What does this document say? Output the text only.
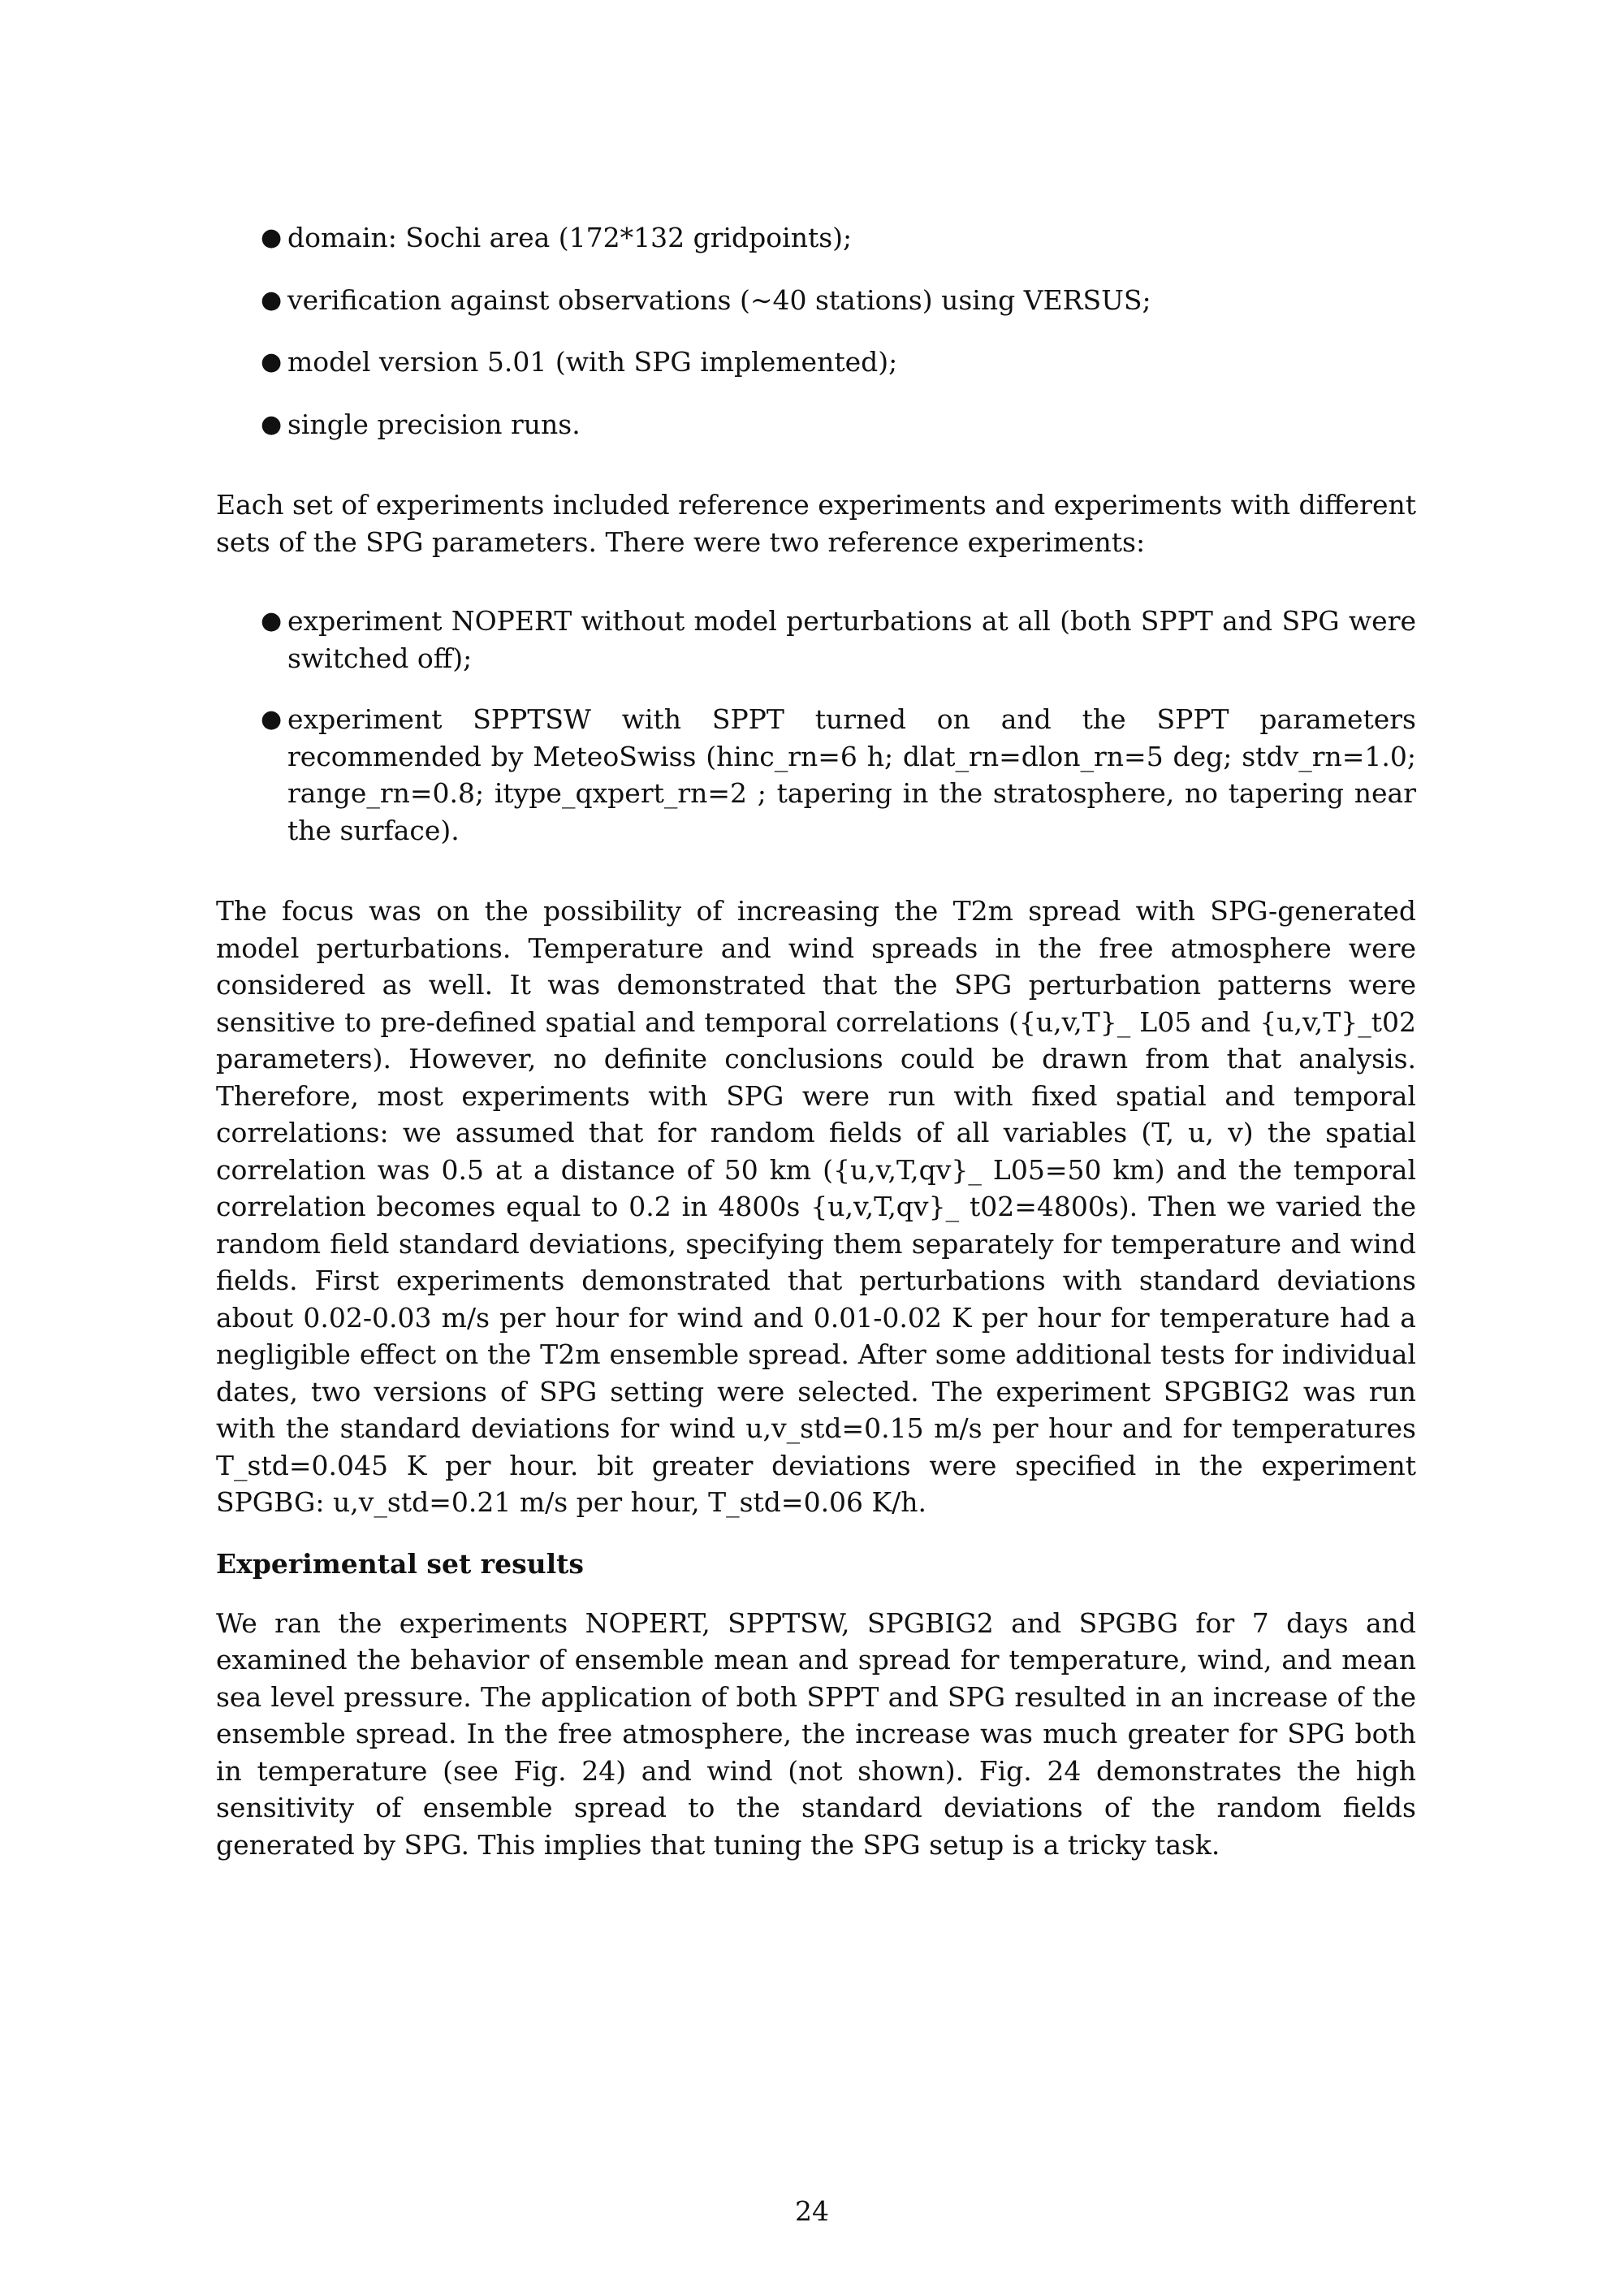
● domain: Sochi area (172*132 gridpoints);
● verification against observations (∼40 stations) using VERSUS;
● model version 5.01 (with SPG implemented);
● single precision runs.

Each set of experiments included reference experiments and experiments with different sets of the SPG parameters. There were two reference experiments:

● experiment NOPERT without model perturbations at all (both SPPT and SPG were switched off);
● experiment SPPTSW with SPPT turned on and the SPPT parameters recommended by MeteoSwiss (hinc_rn=6 h; dlat_rn=dlon_rn=5 deg; stdv_rn=1.0; range_rn=0.8; itype_qxpert_rn=2 ; tapering in the stratosphere, no tapering near the surface).

The focus was on the possibility of increasing the T2m spread with SPG-generated model perturbations. Temperature and wind spreads in the free atmosphere were considered as well. It was demonstrated that the SPG perturbation patterns were sensitive to pre-defined spatial and temporal correlations ({u,v,T}_ L05 and {u,v,T}_t02 parameters). However, no definite conclusions could be drawn from that analysis. Therefore, most experiments with SPG were run with fixed spatial and temporal correlations: we assumed that for random fields of all variables (T, u, v) the spatial correlation was 0.5 at a distance of 50 km ({u,v,T,qv}_ L05=50 km) and the temporal correlation becomes equal to 0.2 in 4800s {u,v,T,qv}_ t02=4800s). Then we varied the random field standard deviations, specifying them separately for temperature and wind fields. First experiments demonstrated that perturbations with standard deviations about 0.02-0.03 m/s per hour for wind and 0.01-0.02 K per hour for temperature had a negligible effect on the T2m ensemble spread. After some additional tests for individual dates, two versions of SPG setting were selected. The experiment SPGBIG2 was run with the standard deviations for wind u,v_std=0.15 m/s per hour and for temperatures T_std=0.045 K per hour. bit greater deviations were specified in the experiment SPGBG: u,v_std=0.21 m/s per hour, T_std=0.06 K/h.

Experimental set results

We ran the experiments NOPERT, SPPTSW, SPGBIG2 and SPGBG for 7 days and examined the behavior of ensemble mean and spread for temperature, wind, and mean sea level pressure. The application of both SPPT and SPG resulted in an increase of the ensemble spread. In the free atmosphere, the increase was much greater for SPG both in temperature (see Fig. 24) and wind (not shown). Fig. 24 demonstrates the high sensitivity of ensemble spread to the standard deviations of the random fields generated by SPG. This implies that tuning the SPG setup is a tricky task.

24
